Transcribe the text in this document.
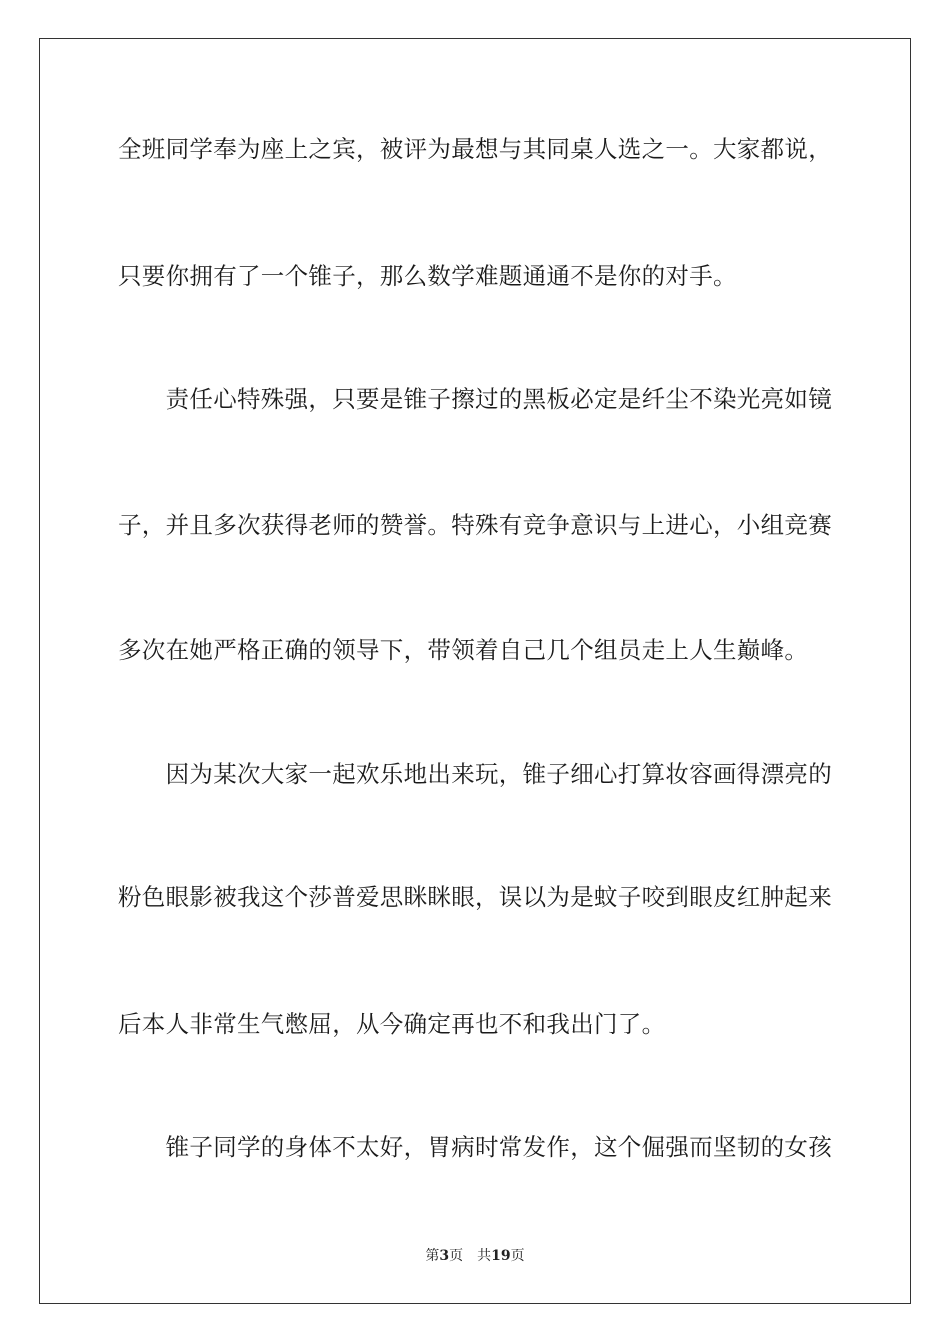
全班同学奉为座上之宾，被评为最想与其同桌人选之一。大家都说，
只要你拥有了一个锥子，那么数学难题通通不是你的对手。
　　责任心特殊强，只要是锥子擦过的黑板必定是纤尘不染光亮如镜
子，并且多次获得老师的赞誉。特殊有竞争意识与上进心，小组竞赛
多次在她严格正确的领导下，带领着自己几个组员走上人生巅峰。
　　因为某次大家一起欢乐地出来玩，锥子细心打算妆容画得漂亮的
粉色眼影被我这个莎普爱思眯眯眼，误以为是蚊子咬到眼皮红肿起来
后本人非常生气憋屈，从今确定再也不和我出门了。
　　锥子同学的身体不太好，胃病时常发作，这个倔强而坚韧的女孩
第3页 共19页
